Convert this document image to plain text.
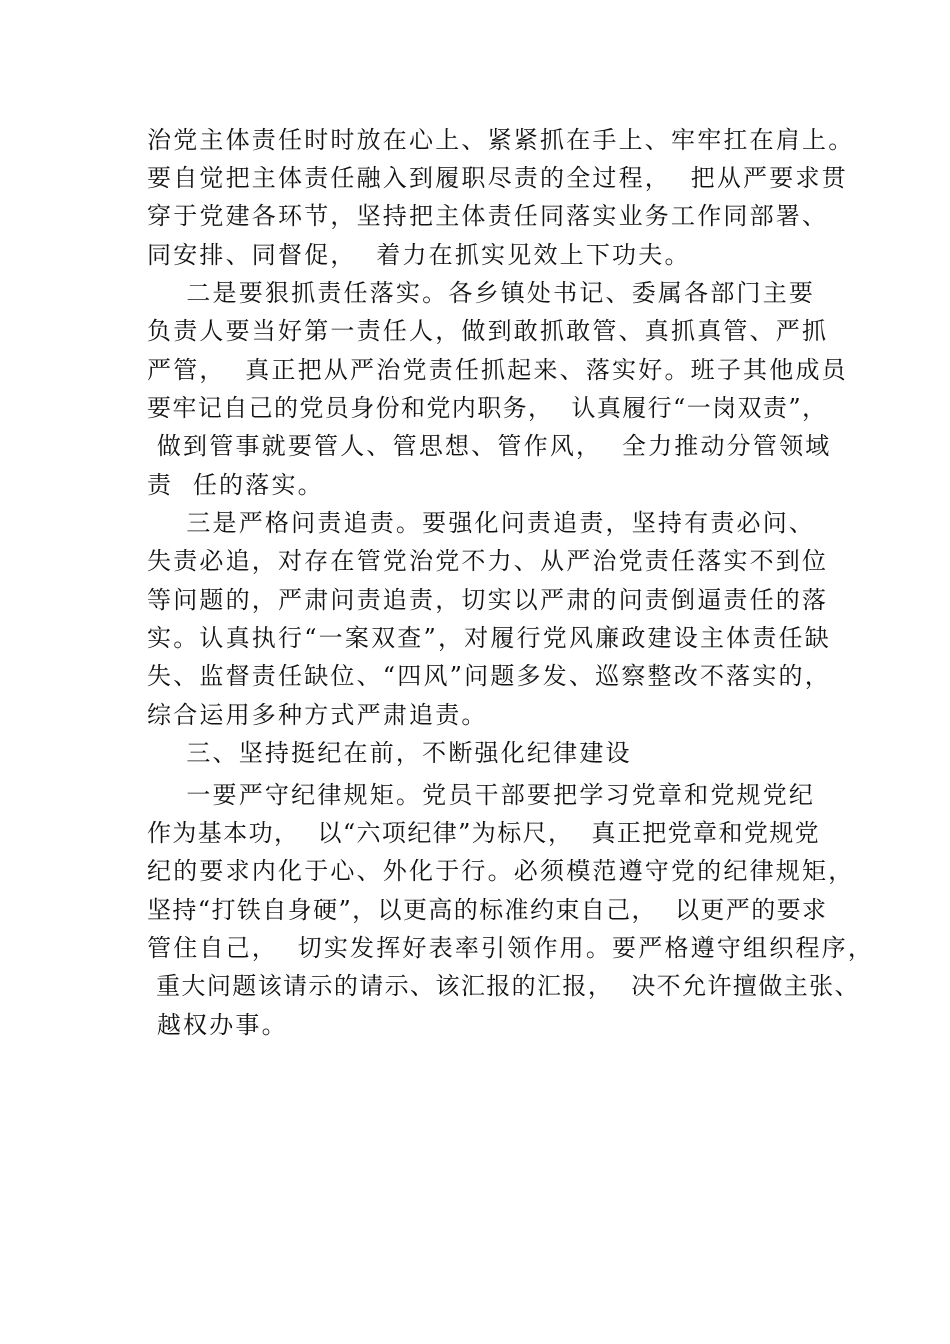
治党主体责任时时放在心上、紧紧抓在手上、牢牢扛在肩上。
要自觉把主体责任融入到履职尽责的全过程，  把从严要求贯
穿于党建各环节，坚持把主体责任同落实业务工作同部署、
同安排、同督促，  着力在抓实见效上下功夫。
二是要狠抓责任落实。各乡镇处书记、委属各部门主要
负责人要当好第一责任人，做到敢抓敢管、真抓真管、严抓
严管，  真正把从严治党责任抓起来、落实好。班子其他成员
要牢记自己的党员身份和党内职务，  认真履行“一岗双责”，
做到管事就要管人、管思想、管作风，  全力推动分管领域
责  任的落实。
三是严格问责追责。要强化问责追责，坚持有责必问、
失责必追，对存在管党治党不力、从严治党责任落实不到位
等问题的，严肃问责追责，切实以严肃的问责倒逼责任的落
实。认真执行“一案双查”，对履行党风廉政建设主体责任缺
失、监督责任缺位、“四风”问题多发、巡察整改不落实的，
综合运用多种方式严肃追责。
三、坚持挺纪在前，不断强化纪律建设
一要严守纪律规矩。党员干部要把学习党章和党规党纪
作为基本功，  以“六项纪律”为标尺，  真正把党章和党规党
纪的要求内化于心、外化于行。必须模范遵守党的纪律规矩，
坚持“打铁自身硬”，以更高的标准约束自己，  以更严的要求
管住自己，  切实发挥好表率引领作用。要严格遵守组织程序，
重大问题该请示的请示、该汇报的汇报，  决不允许擅做主张、
越权办事。
